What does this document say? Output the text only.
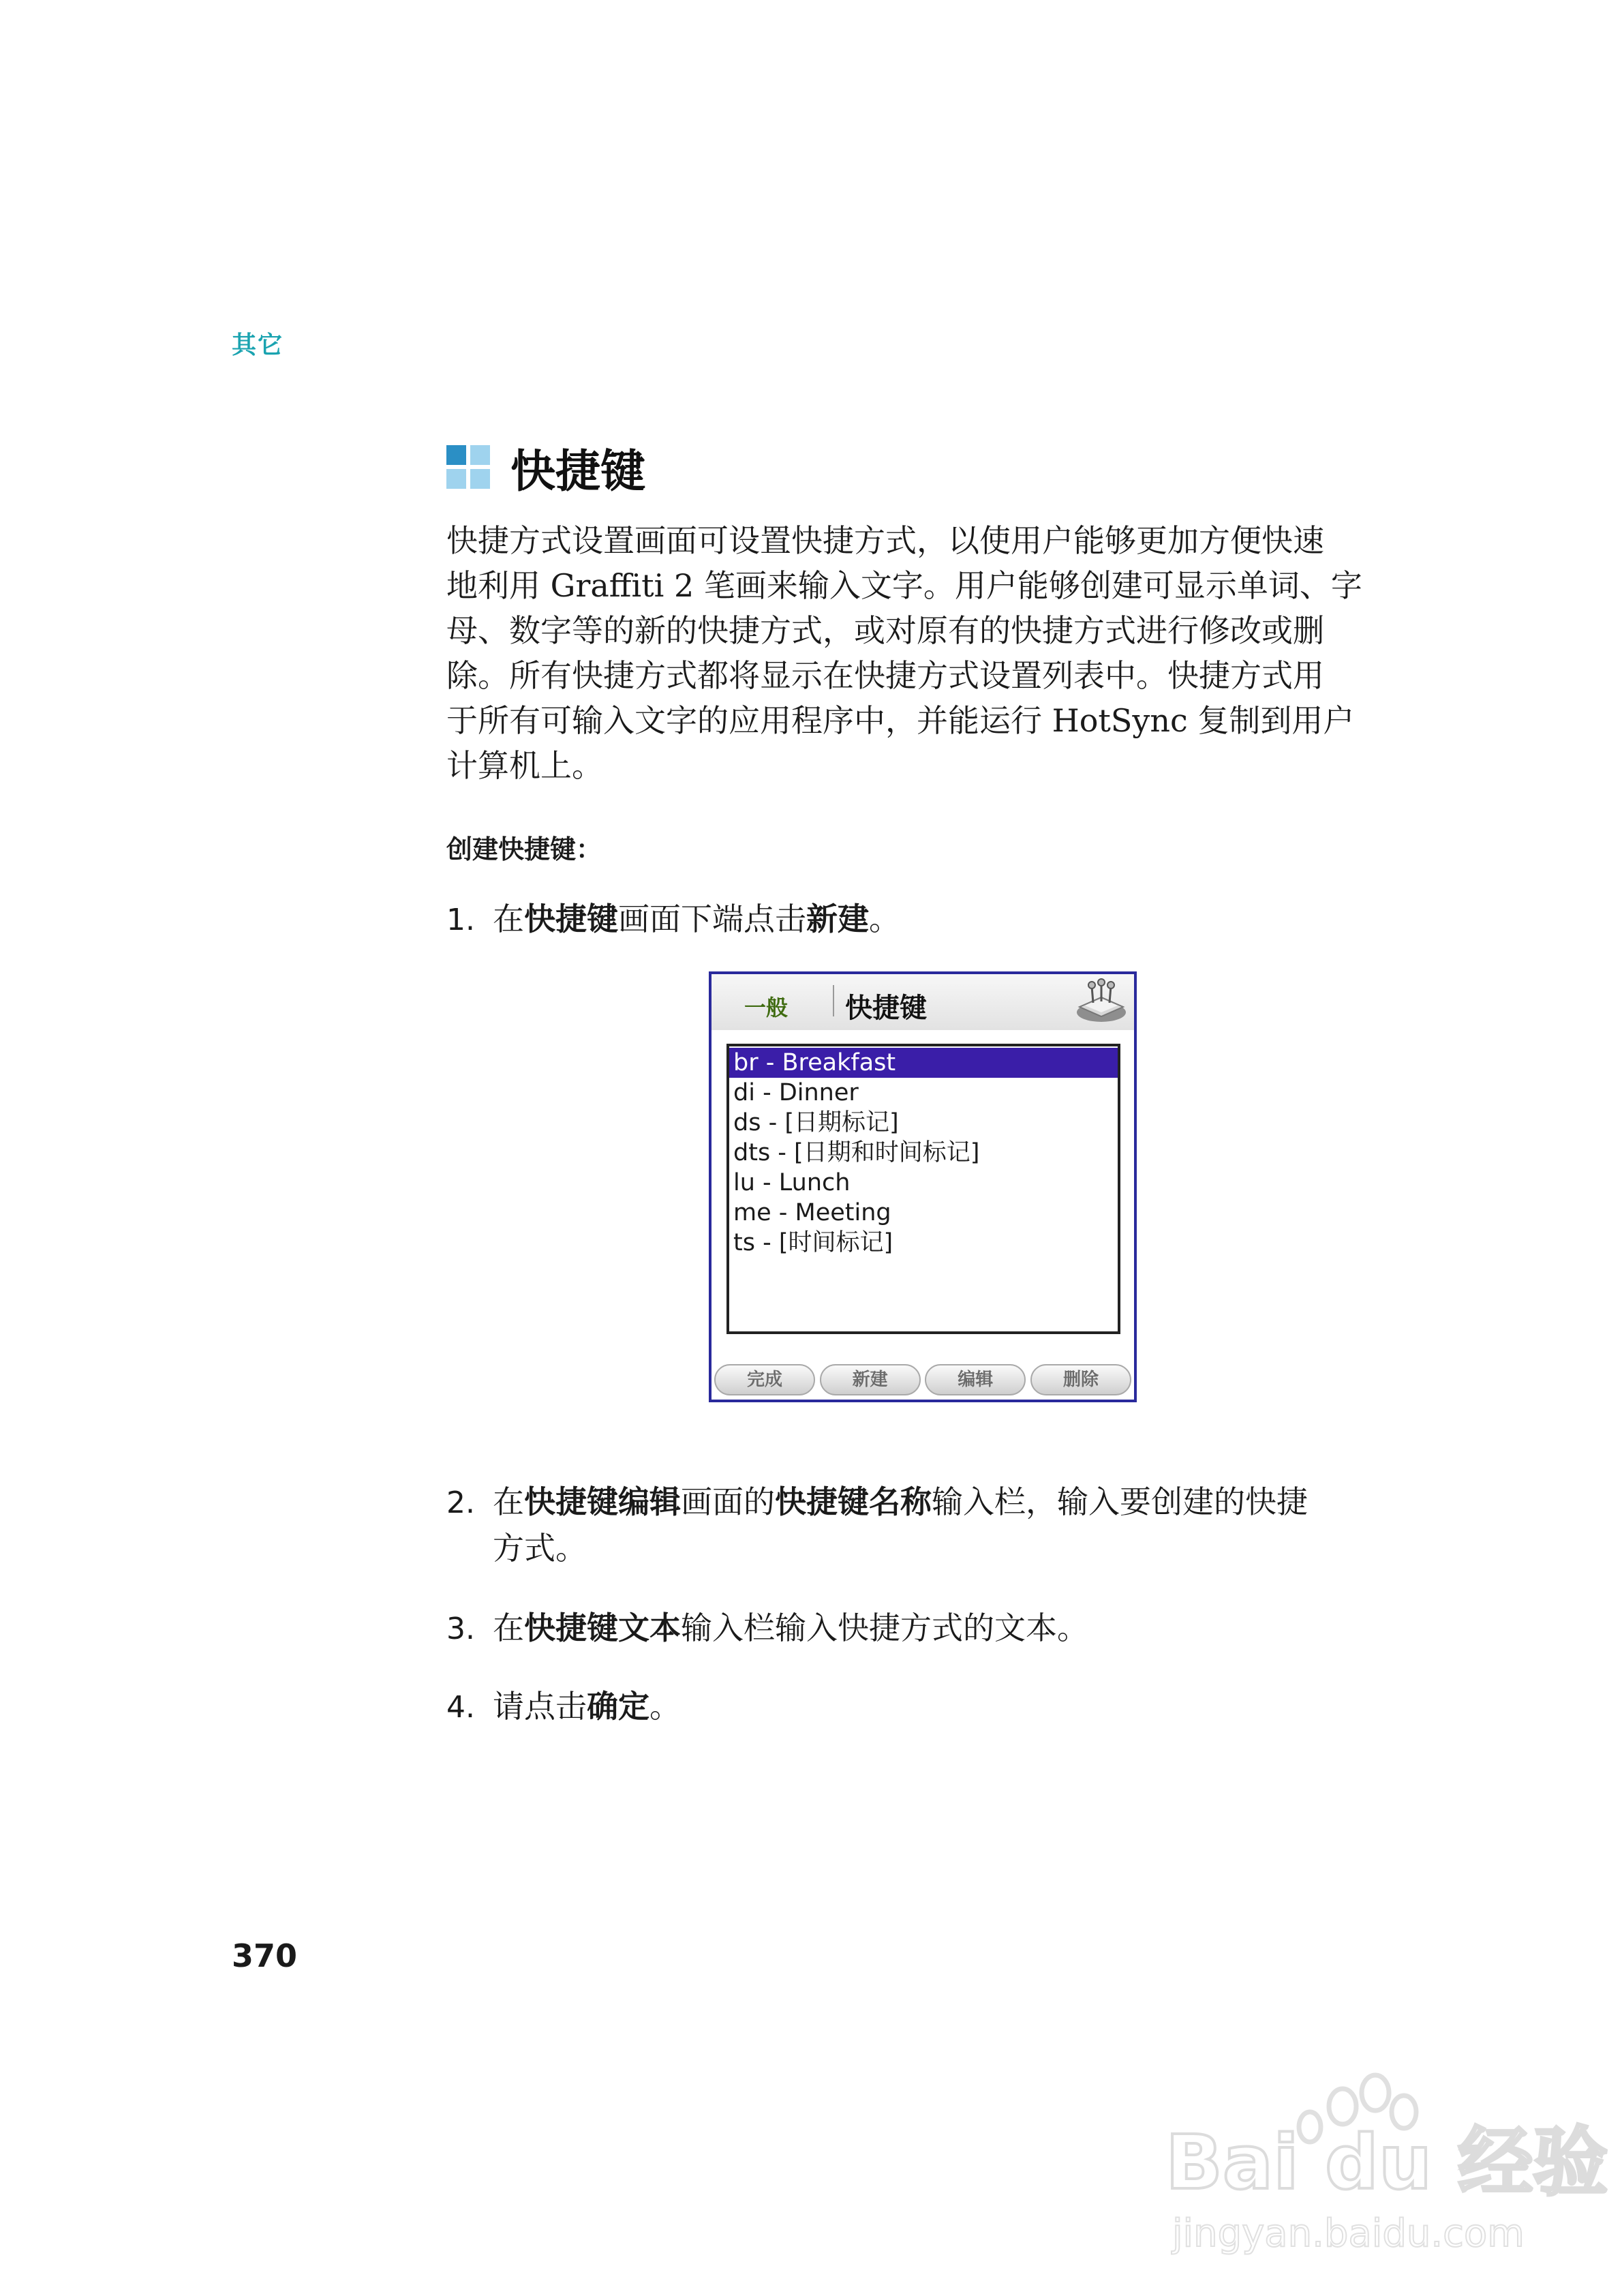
其它
快捷键

快捷方式设置画面可设置快捷方式，以使用户能够更加方便快速
地利用 Graffiti 2 笔画来输入文字。用户能够创建可显示单词、字
母、数字等的新的快捷方式，或对原有的快捷方式进行修改或删
除。所有快捷方式都将显示在快捷方式设置列表中。快捷方式用
于所有可输入文字的应用程序中，并能运行 HotSync 复制到用户
计算机上。

创建快捷键：
1. 在快捷键画面下端点击新建。
一般 快捷键
br - Breakfast
di - Dinner
ds - [日期标记]
dts - [日期和时间标记]
lu - Lunch
me - Meeting
ts - [时间标记]
完成	新建	编辑	删除
2. 在快捷键编辑画面的快捷键名称输入栏，输入要创建的快捷
方式。
3. 在快捷键文本输入栏输入快捷方式的文本。
4. 请点击确定。
370
Bai du 经验
jingyan.baidu.com
